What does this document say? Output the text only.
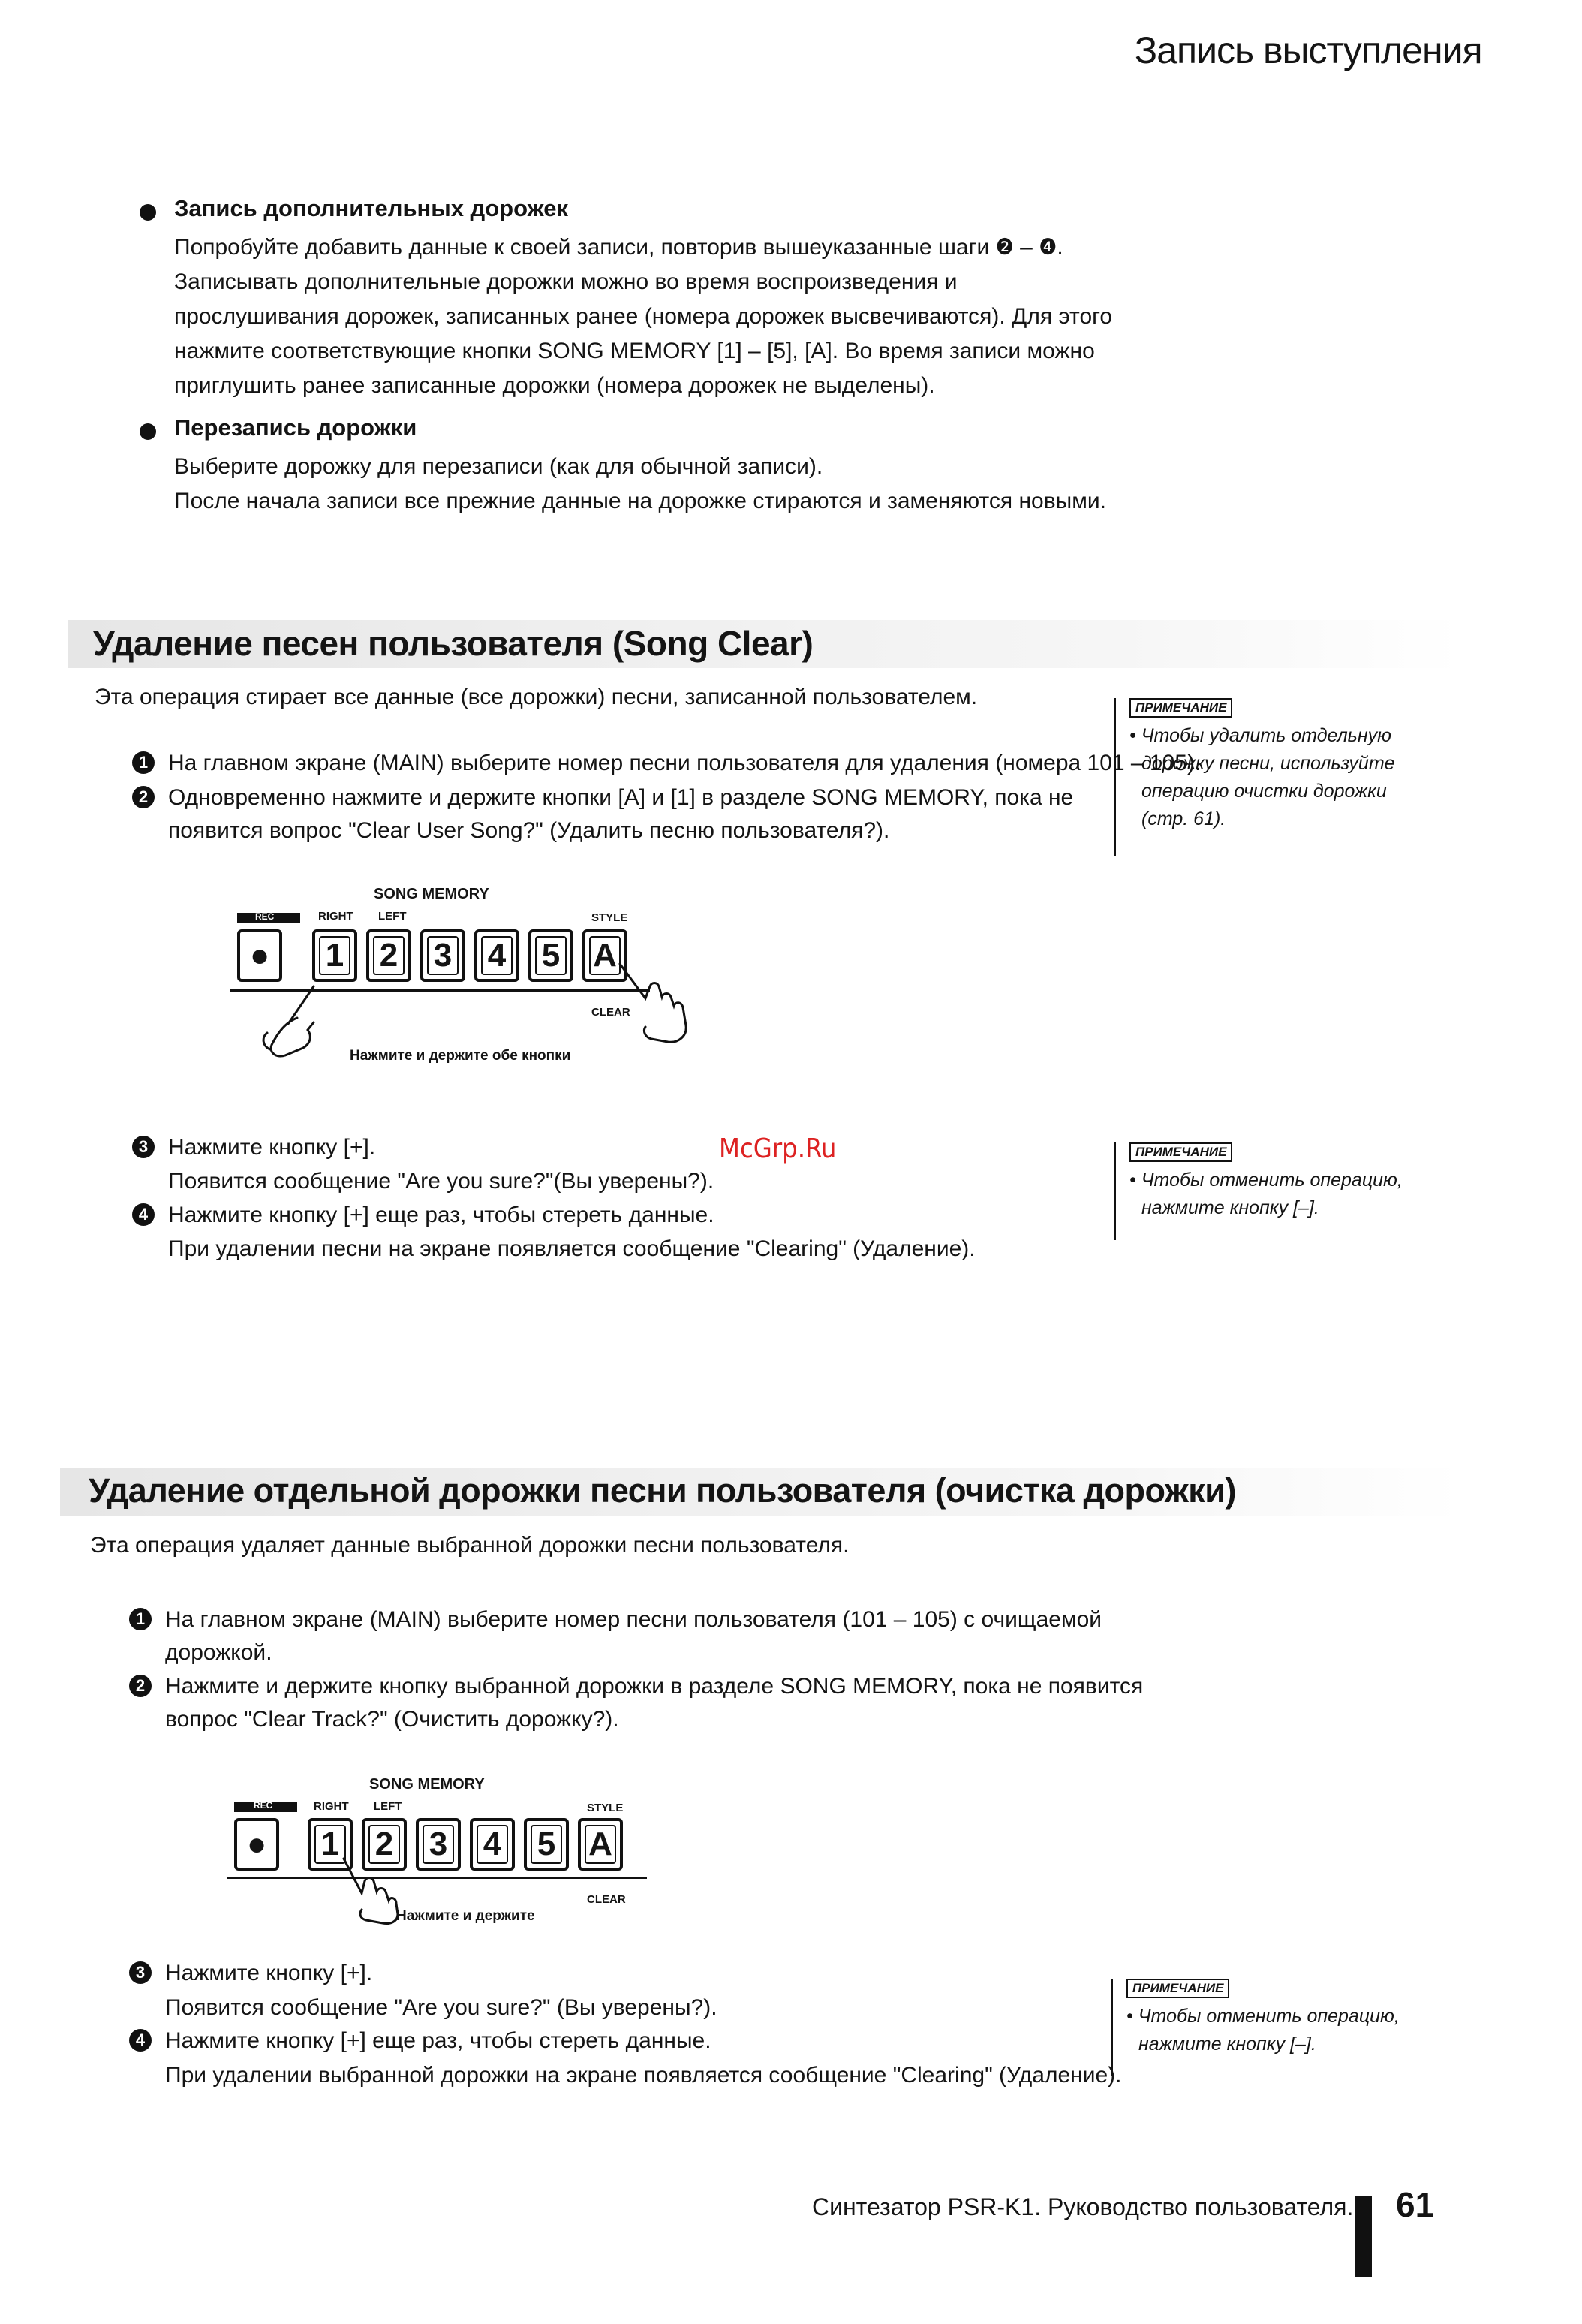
Запись выступления
Запись дополнительных дорожек
Попробуйте добавить данные к своей записи, повторив вышеуказанные шаги ❷ – ❹.
Записывать дополнительные дорожки можно во время воспроизведения и
прослушивания дорожек, записанных ранее (номера дорожек высвечиваются). Для этого
нажмите соответствующие кнопки SONG MEMORY [1] – [5], [A]. Во время записи можно
приглушить ранее записанные дорожки (номера дорожек не выделены).
Перезапись дорожки
Выберите дорожку для перезаписи (как для обычной записи).
После начала записи все прежние данные на дорожке стираются и заменяются новыми.
Удаление песен пользователя (Song Clear)
Эта операция стирает все данные (все дорожки) песни, записанной пользователем.
1 На главном экране (MAIN) выберите номер песни пользователя для удаления (номера 101 – 105).
2 Одновременно нажмите и держите кнопки [A] и [1] в разделе SONG MEMORY, пока не
появится вопрос "Clear User Song?" (Удалить песню пользователя?).
ПРИМЕЧАНИЕ
• Чтобы удалить отдельную
дорожку песни, используйте
операцию очистки дорожки
(стр. 61).
SONG MEMORY
REC	RIGHT LEFT	STYLE
●	1	2	3	4	5 A
CLEAR
Нажмите и держите обе кнопки
McGrp.Ru
3 Нажмите кнопку [+].
Появится сообщение "Are you sure?"(Вы уверены?).
4 Нажмите кнопку [+] еще раз, чтобы стереть данные.
При удалении песни на экране появляется сообщение "Clearing" (Удаление).
ПРИМЕЧАНИЕ
• Чтобы отменить операцию,
нажмите кнопку [–].
Удаление отдельной дорожки песни пользователя (очистка дорожки)
Эта операция удаляет данные выбранной дорожки песни пользователя.
1 На главном экране (MAIN) выберите номер песни пользователя (101 – 105) с очищаемой
дорожкой.
2 Нажмите и держите кнопку выбранной дорожки в разделе SONG MEMORY, пока не появится
вопрос "Clear Track?" (Очистить дорожку?).
SONG MEMORY
REC	RIGHT LEFT	STYLE
●	1	2	3	4	5 A
CLEAR
Нажмите и держите
3 Нажмите кнопку [+].
Появится сообщение "Are you sure?" (Вы уверены?).
4 Нажмите кнопку [+] еще раз, чтобы стереть данные.
При удалении выбранной дорожки на экране появляется сообщение "Clearing" (Удаление).
ПРИМЕЧАНИЕ
• Чтобы отменить операцию,
нажмите кнопку [–].
Синтезатор PSR-K1. Руководство пользователя. 61
